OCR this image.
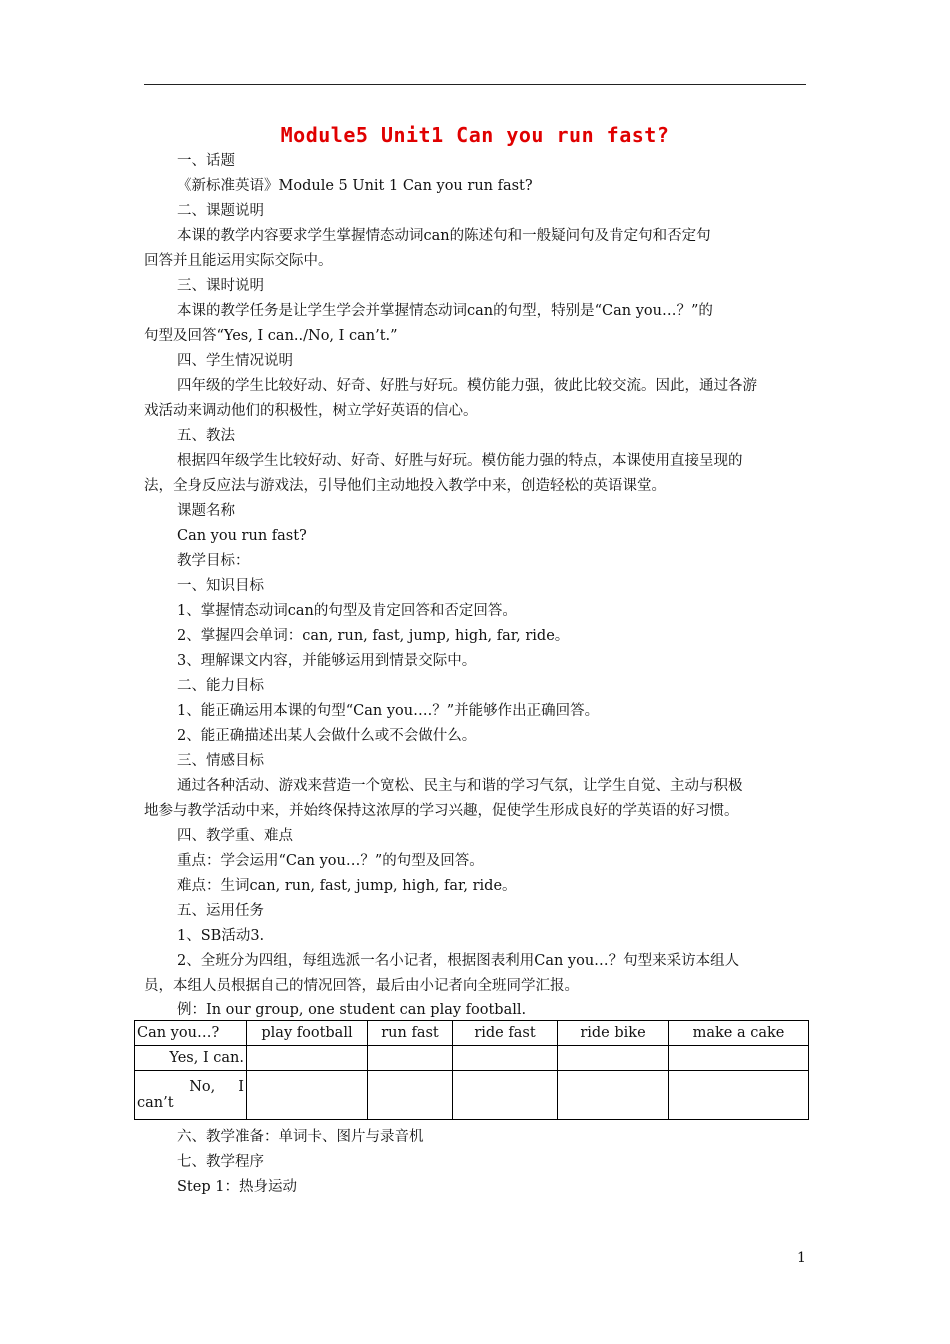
Module5 Unit1 Can you run fast?
一、话题
《新标准英语》Module 5 Unit 1 Can you run fast?
二、课题说明
本课的教学内容要求学生掌握情态动词can的陈述句和一般疑问句及肯定句和否定句
回答并且能运用实际交际中。
三、课时说明
本课的教学任务是让学生学会并掌握情态动词can的句型，特别是“Can you…？”的
句型及回答“Yes, I can../No, I can’t.”
四、学生情况说明
四年级的学生比较好动、好奇、好胜与好玩。模仿能力强，彼此比较交流。因此，通过各游
戏活动来调动他们的积极性，树立学好英语的信心。
五、教法
根据四年级学生比较好动、好奇、好胜与好玩。模仿能力强的特点，本课使用直接呈现的
法，全身反应法与游戏法，引导他们主动地投入教学中来，创造轻松的英语课堂。
课题名称
Can you run fast?
教学目标：
一、知识目标
1、掌握情态动词can的句型及肯定回答和否定回答。
2、掌握四会单词：can, run, fast, jump, high, far, ride。
3、理解课文内容，并能够运用到情景交际中。
二、能力目标
1、能正确运用本课的句型“Can you….？”并能够作出正确回答。
2、能正确描述出某人会做什么或不会做什么。
三、情感目标
通过各种活动、游戏来营造一个宽松、民主与和谐的学习气氛，让学生自觉、主动与积极
地参与教学活动中来，并始终保持这浓厚的学习兴趣，促使学生形成良好的学英语的好习惯。
四、教学重、难点
重点：学会运用“Can you…？”的句型及回答。
难点：生词can, run, fast, jump, high, far, ride。
五、运用任务
1、SB活动3.
2、全班分为四组，每组选派一名小记者，根据图表利用Can you…？句型来采访本组人
员，本组人员根据自己的情况回答，最后由小记者向全班同学汇报。
例：In our group, one student can play football.
Can you…?	play football	run fast	ride fast	ride bike	make a cake
Yes, I can.					

No,     I
can’t					

六、教学准备：单词卡、图片与录音机
七、教学程序
Step 1：热身运动
1
